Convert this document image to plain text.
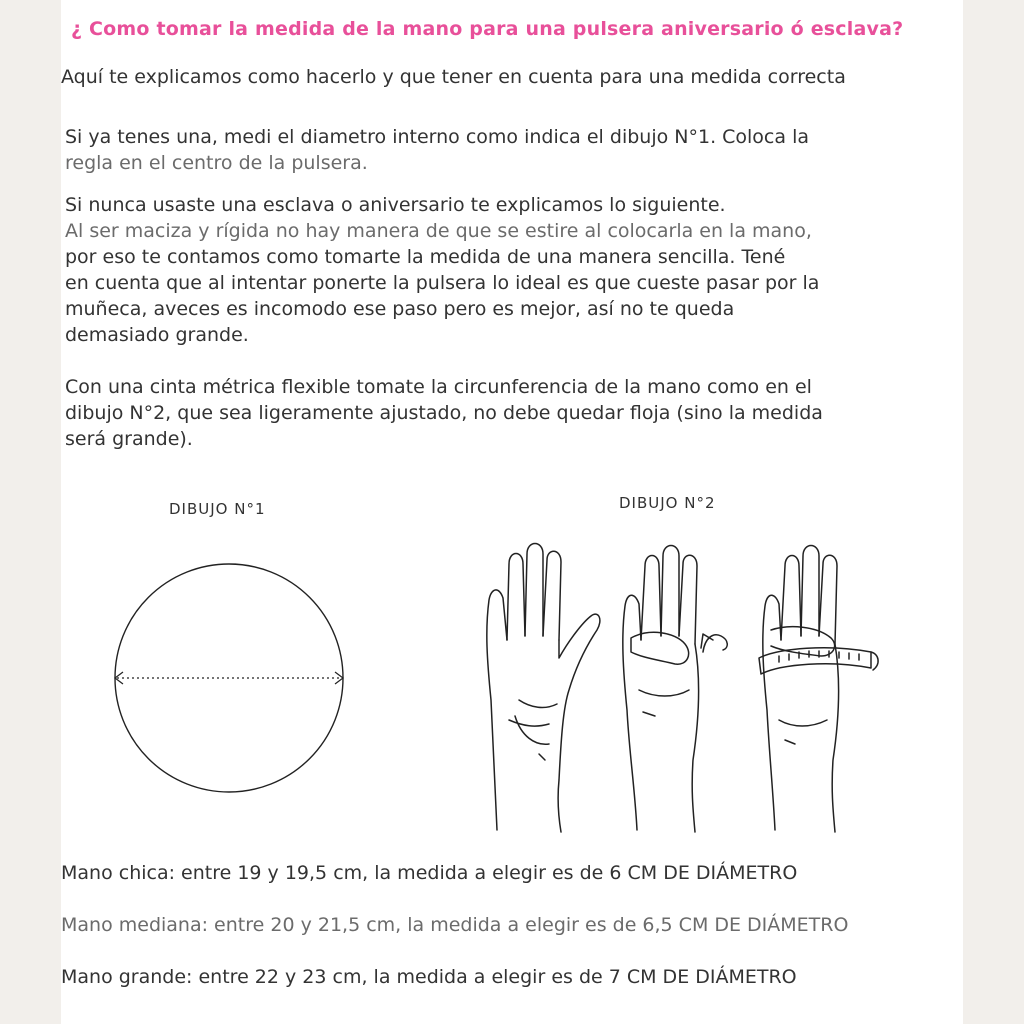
¿ Como tomar la medida de la mano para una pulsera aniversario ó esclava?
Aquí te explicamos como hacerlo y que tener en cuenta para una medida correcta
Si ya tenes una, medi el diametro interno como indica el dibujo N°1. Coloca la
regla en el centro de la pulsera.
Si nunca usaste una esclava o aniversario te explicamos lo siguiente.
Al ser maciza y rígida no hay manera de que se estire al colocarla en la mano,
por eso te contamos como tomarte la medida de una manera sencilla. Tené
en cuenta que al intentar ponerte la pulsera lo ideal es que cueste pasar por la
muñeca, aveces es incomodo ese paso pero es mejor, así no te queda
demasiado grande.
Con una cinta métrica flexible tomate la circunferencia de la mano como en el
dibujo N°2, que sea ligeramente ajustado, no debe quedar floja (sino la medida
será grande).
DIBUJO N°1	DIBUJO N°2
Mano chica: entre 19 y 19,5 cm, la medida a elegir es de 6 CM DE DIÁMETRO
Mano mediana: entre 20 y 21,5 cm, la medida a elegir es de 6,5 CM DE DIÁMETRO
Mano grande: entre 22 y 23 cm, la medida a elegir es de 7 CM DE DIÁMETRO
